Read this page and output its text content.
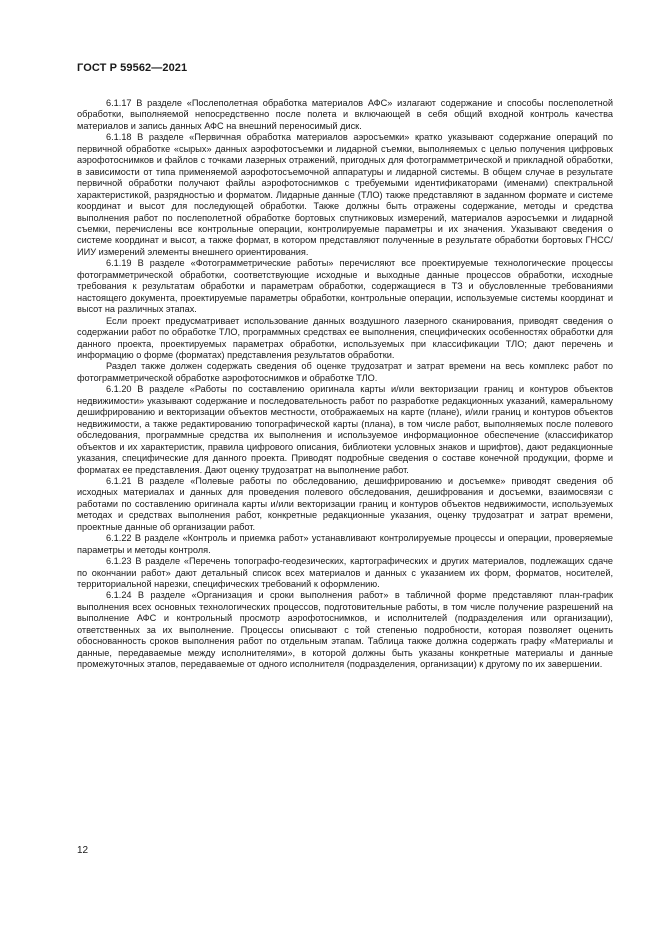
ГОСТ Р 59562—2021

6.1.17 В разделе «Послеполетная обработка материалов АФС» излагают содержание и способы послеполетной обработки, выполняемой непосредственно после полета и включающей в себя общий входной контроль качества материалов и запись данных АФС на внешний переносимый диск.

6.1.18 В разделе «Первичная обработка материалов аэросъемки» кратко указывают содержание операций по первичной обработке «сырых» данных аэрофотосъемки и лидарной съемки, выполняемых с целью получения цифровых аэрофотоснимков и файлов с точками лазерных отражений, пригодных для фотограмметрической и прикладной обработки, в зависимости от типа применяемой аэрофотосъемочной аппаратуры и лидарной системы. В общем случае в результате первичной обработки получают файлы аэрофотоснимков с требуемыми идентификаторами (именами) спектральной характеристикой, разрядностью и форматом. Лидарные данные (ТЛО) также представляют в заданном формате и системе координат и высот для последующей обработки. Также должны быть отражены содержание, методы и средства выполнения работ по послеполетной обработке бортовых спутниковых измерений, материалов аэросъемки и лидарной съемки, перечислены все контрольные операции, контролируемые параметры и их значения. Указывают сведения о системе координат и высот, а также формат, в котором представляют полученные в результате обработки бортовых ГНСС/ИИУ измерений элементы внешнего ориентирования.

6.1.19 В разделе «Фотограмметрические работы» перечисляют все проектируемые технологические процессы фотограмметрической обработки, соответствующие исходные и выходные данные процессов обработки, исходные требования к результатам обработки и параметрам обработки, содержащиеся в ТЗ и обусловленные требованиями настоящего документа, проектируемые параметры обработки, контрольные операции, используемые системы координат и высот на различных этапах.

Если проект предусматривает использование данных воздушного лазерного сканирования, приводят сведения о содержании работ по обработке ТЛО, программных средствах ее выполнения, специфических особенностях обработки для данного проекта, проектируемых параметрах обработки, используемых при классификации ТЛО; дают перечень и информацию о форме (форматах) представления результатов обработки.

Раздел также должен содержать сведения об оценке трудозатрат и затрат времени на весь комплекс работ по фотограмметрической обработке аэрофотоснимков и обработке ТЛО.

6.1.20 В разделе «Работы по составлению оригинала карты и/или векторизации границ и контуров объектов недвижимости» указывают содержание и последовательность работ по разработке редакционных указаний, камеральному дешифрированию и векторизации объектов местности, отображаемых на карте (плане), и/или границ и контуров объектов недвижимости, а также редактированию топографической карты (плана), в том числе работ, выполняемых после полевого обследования, программные средства их выполнения и используемое информационное обеспечение (классификатор объектов и их характеристик, правила цифрового описания, библиотеки условных знаков и шрифтов), дают редакционные указания, специфические для данного проекта. Приводят подробные сведения о составе конечной продукции, форме и форматах ее представления. Дают оценку трудозатрат на выполнение работ.

6.1.21 В разделе «Полевые работы по обследованию, дешифрированию и досъемке» приводят сведения об исходных материалах и данных для проведения полевого обследования, дешифрования и досъемки, взаимосвязи с работами по составлению оригинала карты и/или векторизации границ и контуров объектов недвижимости, используемых методах и средствах выполнения работ, конкретные редакционные указания, оценку трудозатрат и затрат времени, проектные данные об организации работ.

6.1.22 В разделе «Контроль и приемка работ» устанавливают контролируемые процессы и операции, проверяемые параметры и методы контроля.

6.1.23 В разделе «Перечень топографо-геодезических, картографических и других материалов, подлежащих сдаче по окончании работ» дают детальный список всех материалов и данных с указанием их форм, форматов, носителей, территориальной нарезки, специфических требований к оформлению.

6.1.24 В разделе «Организация и сроки выполнения работ» в табличной форме представляют план-график выполнения всех основных технологических процессов, подготовительные работы, в том числе получение разрешений на выполнение АФС и контрольный просмотр аэрофотоснимков, и исполнителей (подразделения или организации), ответственных за их выполнение. Процессы описывают с той степенью подробности, которая позволяет оценить обоснованность сроков выполнения работ по отдельным этапам. Таблица также должна содержать графу «Материалы и данные, передаваемые между исполнителями», в которой должны быть указаны конкретные материалы и данные промежуточных этапов, передаваемые от одного исполнителя (подразделения, организации) к другому по их завершении.

12
